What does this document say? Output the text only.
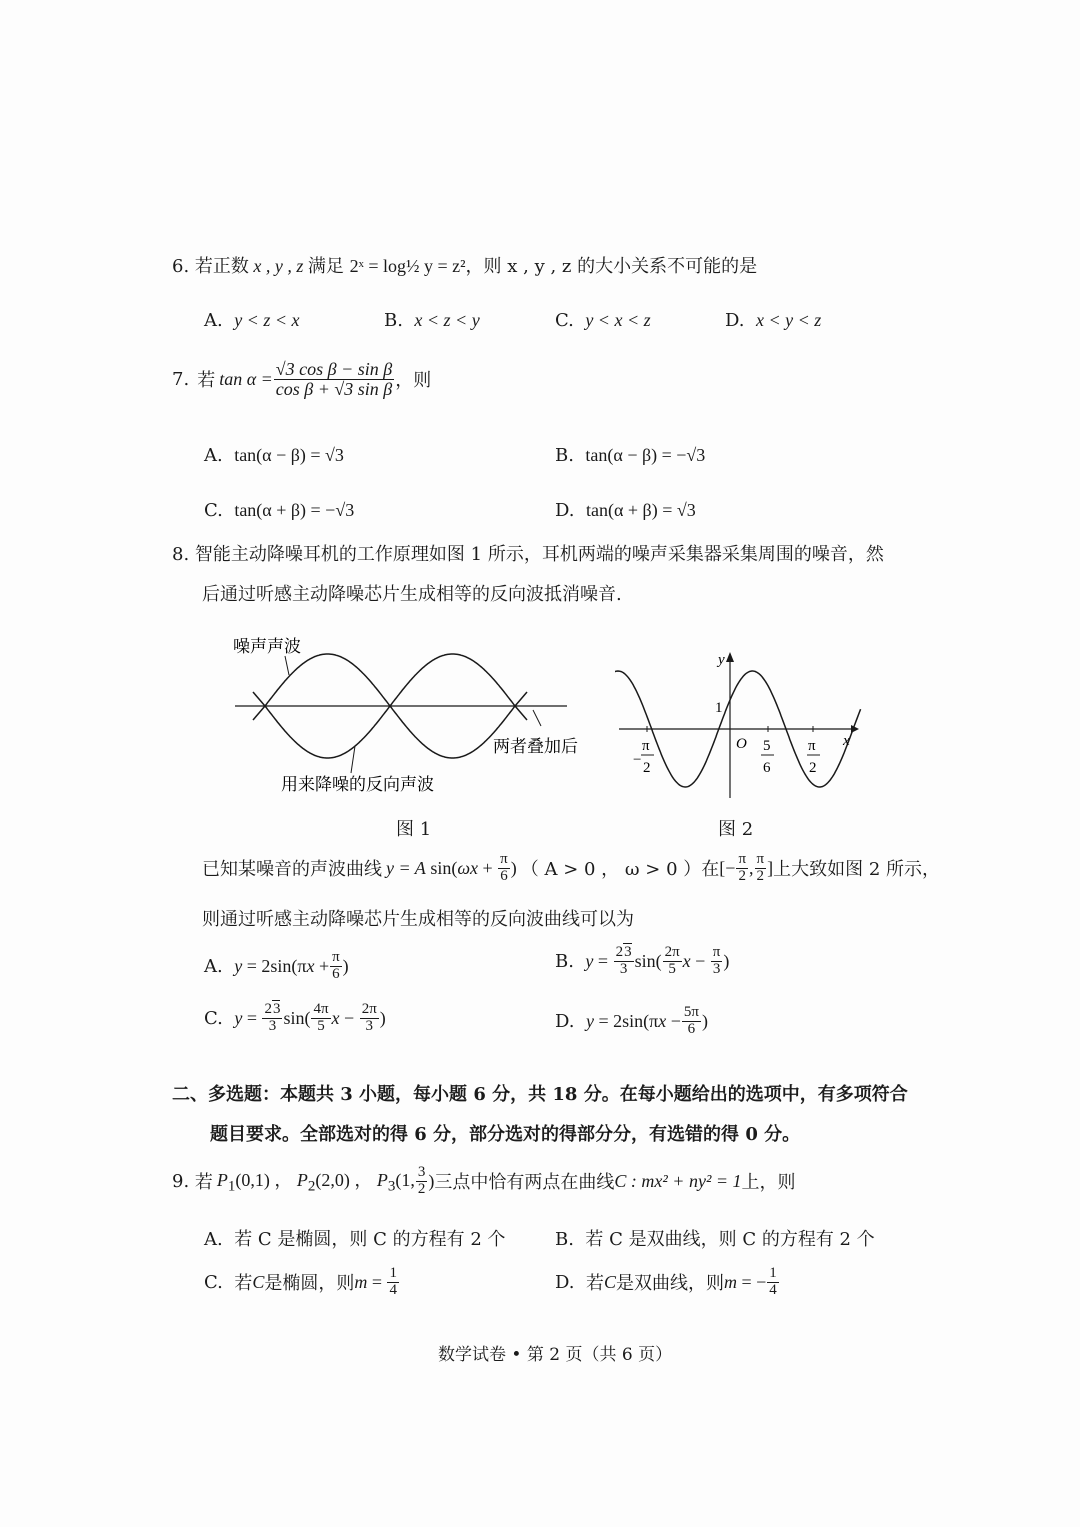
6. 若正数 x , y , z 满足 2ˣ = log½ y = z²，则 x , y , z 的大小关系不可能的是
A. y < z < x	B. x < z < y	C. y < x < z	D. x < y < z
7. 若 $\tan \alpha = \frac{\text{√3 cos β − sin β}}{\text{cos β + √3 sin β}}$ ，则
A. tan(α − β) = √3	B. tan(α − β) = −√3
C. tan(α + β) = −√3	D. tan(α + β) = √3
8. 智能主动降噪耳机的工作原理如图 1 所示，耳机两端的噪声采集器采集周围的噪音，然
后通过听感主动降噪芯片生成相等的反向波抵消噪音.
噪声声波
两者叠加后
用来降噪的反向声波
图 1
y
x
O
1
−
π
2
5
6
π
2
图 2
已知某噪音的声波曲线 y = A sin( $\omega x + \frac{\pi}{6}$ ) （ A > 0 ， ω > 0 ）在 [− $\frac{\pi}{2}$ , $\frac{\pi}{2}$ ] 上大致如图 2 所示，
则通过听感主动降噪芯片生成相等的反向波曲线可以为
A.
$y = 2\sin(\pi x + \frac{\pi}{6}$ )	B.
$y = \frac{23}{3} \sin( \frac{2\pi}{5}$ $x - \frac{\pi}{3}$ )
C.
$y = \frac{23}{3} \sin( \frac{4\pi}{5}$ $x - \frac{2\pi}{3}$ )	D.
$y = 2\sin(\pi x - \frac{5\pi}{6}$ )
二、多选题：本题共 3 小题，每小题 6 分，共 18 分。在每小题给出的选项中，有多项符合
题目要求。全部选对的得 6 分，部分选对的得部分分，有选错的得 0 分。
9.
若 $P_1(0,1)$ ， $P_2(2,0)$ ， $P_3(1$, $\frac{3}{2}$ ) 三点中恰有两点在曲线 C : mx² + ny² = 1 上，则
A. 若 C 是椭圆，则 C 的方程有 2 个	B. 若 C 是双曲线，则 C 的方程有 2 个
C.
若 C 是椭圆，则 $m = \frac{1}{4}$	D.
若 C 是双曲线，则 m = − $\frac{1}{4}$
数学试卷 • 第 2 页（共 6 页）
